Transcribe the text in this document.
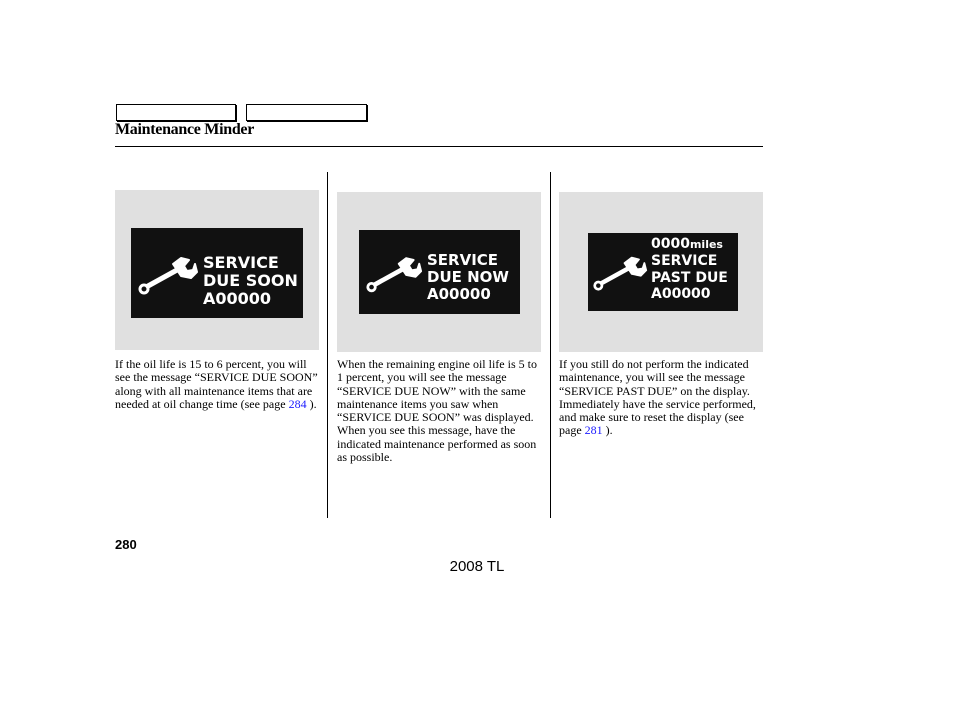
Maintenance Minder
SERVICE
DUE SOON
A00000
SERVICE
DUE NOW
A00000
0000miles
SERVICE
PAST DUE
A00000
If the oil life is 15 to 6 percent, you will see the message “SERVICE DUE SOON” along with all maintenance items that are needed at oil change time (see page 284 ).
When the remaining engine oil life is 5 to 1 percent, you will see the message “SERVICE DUE NOW” with the same maintenance items you saw when “SERVICE DUE SOON” was displayed. When you see this message, have the indicated maintenance performed as soon as possible.
If you still do not perform the indicated maintenance, you will see the message “SERVICE PAST DUE” on the display. Immediately have the service performed, and make sure to reset the display (see page 281 ).
280
2008 TL
